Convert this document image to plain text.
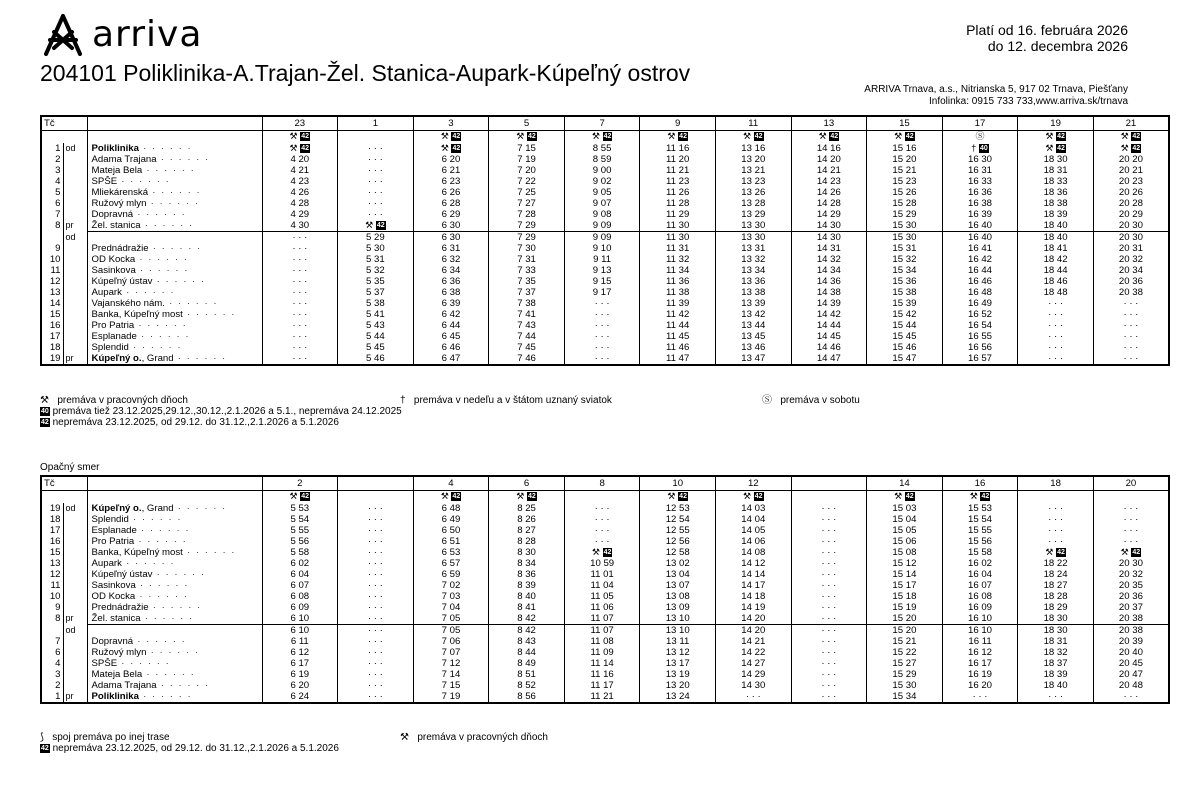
arriva	Platí od 16. februára 2026
do 12. decembra 2026
204101 Poliklinika-A.Trajan-Žel. Stanica-Aupark-Kúpeľný ostrov
ARRIVA Trnava, a.s., Nitrianska 5, 917 02 Trnava, Piešťany
Infolinka: 0915 733 733,www.arriva.sk/trnava
Tč			23	1	3	5	7	9	11	13	15	17	19	21
			⚒ 42		⚒ 42	⚒ 42	⚒ 42	⚒ 42	⚒ 42	⚒ 42	⚒ 42	Ⓢ	⚒ 42	⚒ 42
1	od	Poliklinika · · · · · ·	⚒ 42	· · ·	⚒ 42	7 15	8 55	11 16	13 16	14 16	15 16	† 40	⚒ 42	⚒ 42
2		Adama Trajana · · · · · ·	4 20	· · ·	6 20	7 19	8 59	11 20	13 20	14 20	15 20	16 30	18 30	20 20
3		Mateja Bela · · · · · ·	4 21	· · ·	6 21	7 20	9 00	11 21	13 21	14 21	15 21	16 31	18 31	20 21
4		SPŠE · · · · · ·	4 23	· · ·	6 23	7 22	9 02	11 23	13 23	14 23	15 23	16 33	18 33	20 23
5		Mliekárenská · · · · · ·	4 26	· · ·	6 26	7 25	9 05	11 26	13 26	14 26	15 26	16 36	18 36	20 26
6		Ružový mlyn · · · · · ·	4 28	· · ·	6 28	7 27	9 07	11 28	13 28	14 28	15 28	16 38	18 38	20 28
7		Dopravná · · · · · ·	4 29	· · ·	6 29	7 28	9 08	11 29	13 29	14 29	15 29	16 39	18 39	20 29
8	pr	Žel. stanica · · · · · ·	4 30	⚒ 42	6 30	7 29	9 09	11 30	13 30	14 30	15 30	16 40	18 40	20 30
	od		· · ·	5 29	6 30	7 29	9 09	11 30	13 30	14 30	15 30	16 40	18 40	20 30
9		Prednádražie · · · · · ·	· · ·	5 30	6 31	7 30	9 10	11 31	13 31	14 31	15 31	16 41	18 41	20 31
10		OD Kocka · · · · · ·	· · ·	5 31	6 32	7 31	9 11	11 32	13 32	14 32	15 32	16 42	18 42	20 32
11		Sasinkova · · · · · ·	· · ·	5 32	6 34	7 33	9 13	11 34	13 34	14 34	15 34	16 44	18 44	20 34
12		Kúpeľný ústav · · · · · ·	· · ·	5 35	6 36	7 35	9 15	11 36	13 36	14 36	15 36	16 46	18 46	20 36
13		Aupark · · · · · ·	· · ·	5 37	6 38	7 37	9 17	11 38	13 38	14 38	15 38	16 48	18 48	20 38
14		Vajanského nám. · · · · · ·	· · ·	5 38	6 39	7 38	· · ·	11 39	13 39	14 39	15 39	16 49	· · ·	· · ·
15		Banka, Kúpeľný most · · · · · ·	· · ·	5 41	6 42	7 41	· · ·	11 42	13 42	14 42	15 42	16 52	· · ·	· · ·
16		Pro Patria · · · · · ·	· · ·	5 43	6 44	7 43	· · ·	11 44	13 44	14 44	15 44	16 54	· · ·	· · ·
17		Esplanade · · · · · ·	· · ·	5 44	6 45	7 44	· · ·	11 45	13 45	14 45	15 45	16 55	· · ·	· · ·
18		Splendid · · · · · ·	· · ·	5 45	6 46	7 45	· · ·	11 46	13 46	14 46	15 46	16 56	· · ·	· · ·
19	pr	Kúpeľný o., Grand · · · · · ·	· · ·	5 46	6 47	7 46	· · ·	11 47	13 47	14 47	15 47	16 57	· · ·	· · ·
⚒ premáva v pracovných dňoch	† premáva v nedeľu a v štátom uznaný sviatok	Ⓢ premáva v sobotu
40 premáva tiež 23.12.2025,29.12.,30.12.,2.1.2026 a 5.1., nepremáva 24.12.2025
42 nepremáva 23.12.2025, od 29.12. do 31.12.,2.1.2026 a 5.1.2026
Opačný smer
Tč			2		4	6	8	10	12		14	16	18	20
			⚒ 42		⚒ 42	⚒ 42		⚒ 42	⚒ 42		⚒ 42	⚒ 42		
19	od	Kúpeľný o., Grand · · · · · ·	5 53	· · ·	6 48	8 25	· · ·	12 53	14 03	· · ·	15 03	15 53	· · ·	· · ·
18		Splendid · · · · · ·	5 54	· · ·	6 49	8 26	· · ·	12 54	14 04	· · ·	15 04	15 54	· · ·	· · ·
17		Esplanade · · · · · ·	5 55	· · ·	6 50	8 27	· · ·	12 55	14 05	· · ·	15 05	15 55	· · ·	· · ·
16		Pro Patria · · · · · ·	5 56	· · ·	6 51	8 28	· · ·	12 56	14 06	· · ·	15 06	15 56	· · ·	· · ·
15		Banka, Kúpeľný most · · · · · ·	5 58	· · ·	6 53	8 30	⚒ 42	12 58	14 08	· · ·	15 08	15 58	⚒ 42	⚒ 42
13		Aupark · · · · · ·	6 02	· · ·	6 57	8 34	10 59	13 02	14 12	· · ·	15 12	16 02	18 22	20 30
12		Kúpeľný ústav · · · · · ·	6 04	· · ·	6 59	8 36	11 01	13 04	14 14	· · ·	15 14	16 04	18 24	20 32
11		Sasinkova · · · · · ·	6 07	· · ·	7 02	8 39	11 04	13 07	14 17	· · ·	15 17	16 07	18 27	20 35
10		OD Kocka · · · · · ·	6 08	· · ·	7 03	8 40	11 05	13 08	14 18	· · ·	15 18	16 08	18 28	20 36
9		Prednádražie · · · · · ·	6 09	· · ·	7 04	8 41	11 06	13 09	14 19	· · ·	15 19	16 09	18 29	20 37
8	pr	Žel. stanica · · · · · ·	6 10	· · ·	7 05	8 42	11 07	13 10	14 20	· · ·	15 20	16 10	18 30	20 38
	od		6 10	· · ·	7 05	8 42	11 07	13 10	14 20	· · ·	15 20	16 10	18 30	20 38
7		Dopravná · · · · · ·	6 11	· · ·	7 06	8 43	11 08	13 11	14 21	· · ·	15 21	16 11	18 31	20 39
6		Ružový mlyn · · · · · ·	6 12	· · ·	7 07	8 44	11 09	13 12	14 22	· · ·	15 22	16 12	18 32	20 40
4		SPŠE · · · · · ·	6 17	· · ·	7 12	8 49	11 14	13 17	14 27	· · ·	15 27	16 17	18 37	20 45
3		Mateja Bela · · · · · ·	6 19	· · ·	7 14	8 51	11 16	13 19	14 29	· · ·	15 29	16 19	18 39	20 47
2		Adama Trajana · · · · · ·	6 20	· · ·	7 15	8 52	11 17	13 20	14 30	· · ·	15 30	16 20	18 40	20 48
1	pr	Poliklinika · · · · · ·	6 24	· · ·	7 19	8 56	11 21	13 24	· · ·	· · ·	15 34	· · ·	· · ·	· · ·
⟆ spoj premáva po inej trase	⚒ premáva v pracovných dňoch
42 nepremáva 23.12.2025, od 29.12. do 31.12.,2.1.2026 a 5.1.2026
